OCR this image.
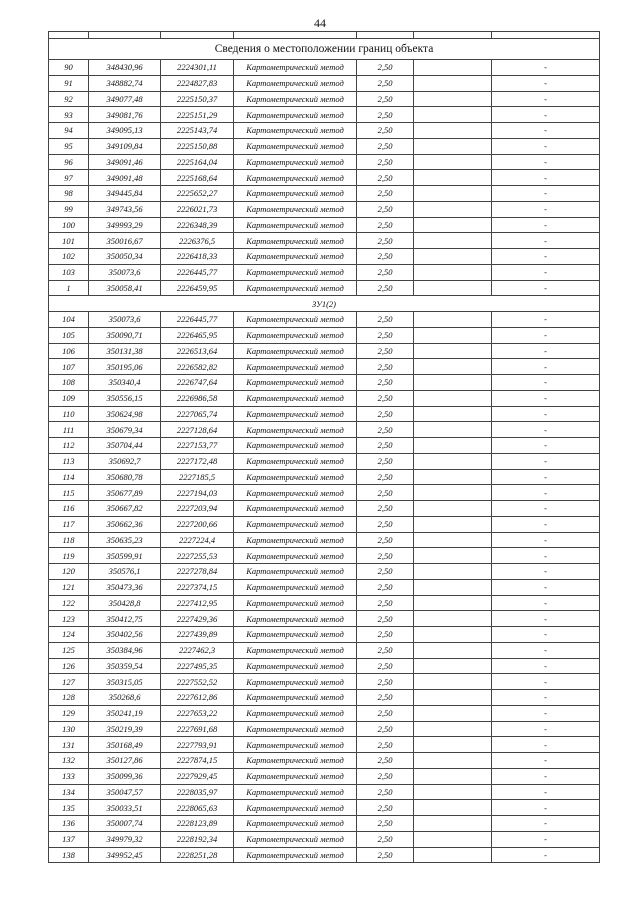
44

Сведения о местоположении границ объекта						
90	348430,96	2224301,11	Картометрический метод	2,50		-
91	348882,74	2224827,83	Картометрический метод	2,50		-
92	349077,48	2225150,37	Картометрический метод	2,50		-
93	349081,76	2225151,29	Картометрический метод	2,50		-
94	349095,13	2225143,74	Картометрический метод	2,50		-
95	349109,84	2225150,88	Картометрический метод	2,50		-
96	349091,46	2225164,04	Картометрический метод	2,50		-
97	349091,48	2225168,64	Картометрический метод	2,50		-
98	349445,84	2225652,27	Картометрический метод	2,50		-
99	349743,56	2226021,73	Картометрический метод	2,50		-
100	349993,29	2226348,39	Картометрический метод	2,50		-
101	350016,67	2226376,5	Картометрический метод	2,50		-
102	350050,34	2226418,33	Картометрический метод	2,50		-
103	350073,6	2226445,77	Картометрический метод	2,50		-
1	350058,41	2226459,95	Картометрический метод	2,50		-
ЗУ1(2)						
104	350073,6	2226445,77	Картометрический метод	2,50		-
105	350090,71	2226465,95	Картометрический метод	2,50		-
106	350131,38	2226513,64	Картометрический метод	2,50		-
107	350195,06	2226582,82	Картометрический метод	2,50		-
108	350340,4	2226747,64	Картометрический метод	2,50		-
109	350556,15	2226986,58	Картометрический метод	2,50		-
110	350624,98	2227065,74	Картометрический метод	2,50		-
111	350679,34	2227128,64	Картометрический метод	2,50		-
112	350704,44	2227153,77	Картометрический метод	2,50		-
113	350692,7	2227172,48	Картометрический метод	2,50		-
114	350680,78	2227185,5	Картометрический метод	2,50		-
115	350677,89	2227194,03	Картометрический метод	2,50		-
116	350667,82	2227203,94	Картометрический метод	2,50		-
117	350662,36	2227200,66	Картометрический метод	2,50		-
118	350635,23	2227224,4	Картометрический метод	2,50		-
119	350599,91	2227255,53	Картометрический метод	2,50		-
120	350576,1	2227278,84	Картометрический метод	2,50		-
121	350473,36	2227374,15	Картометрический метод	2,50		-
122	350428,8	2227412,95	Картометрический метод	2,50		-
123	350412,75	2227429,36	Картометрический метод	2,50		-
124	350402,56	2227439,89	Картометрический метод	2,50		-
125	350384,96	2227462,3	Картометрический метод	2,50		-
126	350359,54	2227495,35	Картометрический метод	2,50		-
127	350315,05	2227552,52	Картометрический метод	2,50		-
128	350268,6	2227612,86	Картометрический метод	2,50		-
129	350241,19	2227653,22	Картометрический метод	2,50		-
130	350219,39	2227691,68	Картометрический метод	2,50		-
131	350168,49	2227793,91	Картометрический метод	2,50		-
132	350127,86	2227874,15	Картометрический метод	2,50		-
133	350099,36	2227929,45	Картометрический метод	2,50		-
134	350047,57	2228035,97	Картометрический метод	2,50		-
135	350033,51	2228065,63	Картометрический метод	2,50		-
136	350007,74	2228123,89	Картометрический метод	2,50		-
137	349979,32	2228192,34	Картометрический метод	2,50		-
138	349952,45	2228251,28	Картометрический метод	2,50		-
